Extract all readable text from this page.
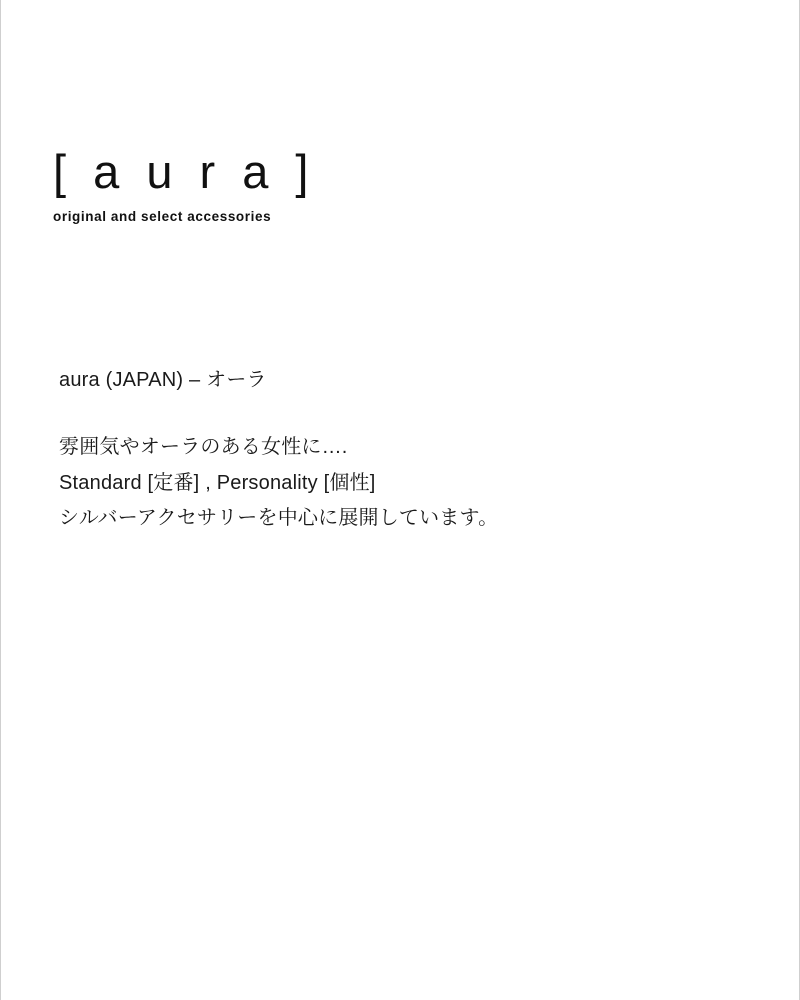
[ a u r a ]
original and select accessories
aura (JAPAN) – オーラ
雰囲気やオーラのある女性に….
Standard [定番] , Personality [個性]
シルバーアクセサリーを中心に展開しています。
